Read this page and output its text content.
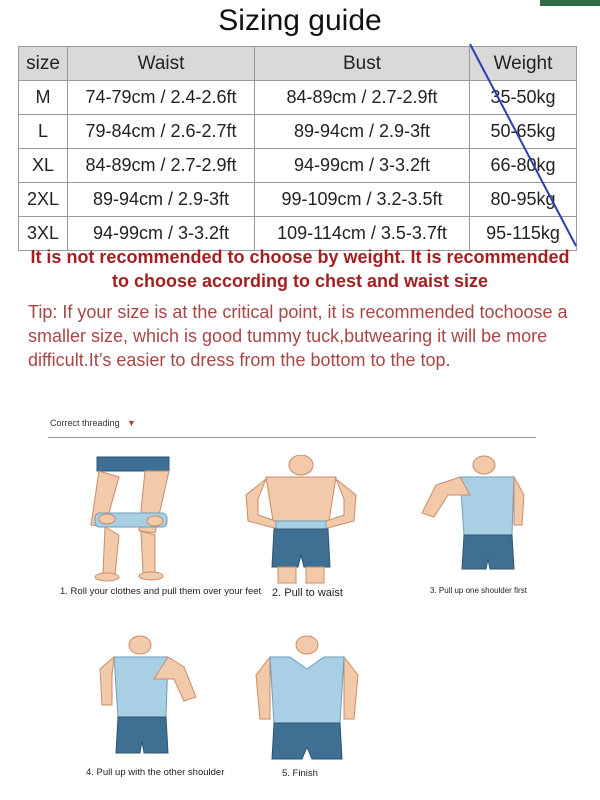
Sizing guide
size	Waist	Bust	Weight
M	74-79cm / 2.4-2.6ft	84-89cm / 2.7-2.9ft	35-50kg
L	79-84cm / 2.6-2.7ft	89-94cm / 2.9-3ft	50-65kg
XL	84-89cm / 2.7-2.9ft	94-99cm / 3-3.2ft	66-80kg
2XL	89-94cm / 2.9-3ft	99-109cm / 3.2-3.5ft	80-95kg
3XL	94-99cm / 3-3.2ft	109-114cm / 3.5-3.7ft	95-115kg
It is not recommended to choose by weight. It is recommended
to choose according to chest and waist size
Tip: If your size is at the critical point, it is recommended tochoose a smaller size, which is good tummy tuck,butwearing it will be more difficult.It’s easier to dress from the bottom to the top.
Correct threading ▼
1. Roll your clothes and pull them over your feet 2. Pull to waist	3. Pull up one shoulder first
4. Pull up with the other shoulder	5. Finish
